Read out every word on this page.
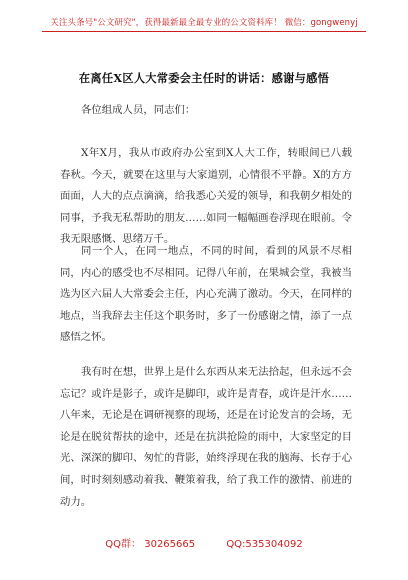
关注头条号"公文研究"，获得最新最全最专业的公文资料库！ 微信：gongwenyj
在离任X区人大常委会主任时的讲话：感谢与感悟

各位组成人员，同志们：

X年X月，我从市政府办公室到X人大工作，转眼间已八载春秋。今天，就要在这里与大家道别，心情很不平静。X的方方面面，人大的点点滴滴，给我悉心关爱的领导，和我朝夕相处的同事，予我无私帮助的朋友……如同一幅幅画卷浮现在眼前。令我无限感慨、思绪万千。

同一个人，在同一地点，不同的时间，看到的风景不尽相同，内心的感受也不尽相同。记得八年前，在果城会堂，我被当选为区六届人大常委会主任，内心充满了激动。今天，在同样的地点，当我辞去主任这个职务时，多了一份感谢之情，添了一点感悟之怀。

我有时在想，世界上是什么东西从来无法拾起，但永远不会忘记？或许是影子，或许是脚印，或许是青春，或许是汗水……八年来，无论是在调研视察的现场，还是在讨论发言的会场，无论是在脱贫帮扶的途中，还是在抗洪抢险的雨中，大家坚定的目光、深深的脚印、匆忙的背影，始终浮现在我的脑海、长存于心间，时时刻刻感动着我、鞭策着我，给了我工作的激情、前进的动力。

QQ群： 30265665	QQ:535304092
